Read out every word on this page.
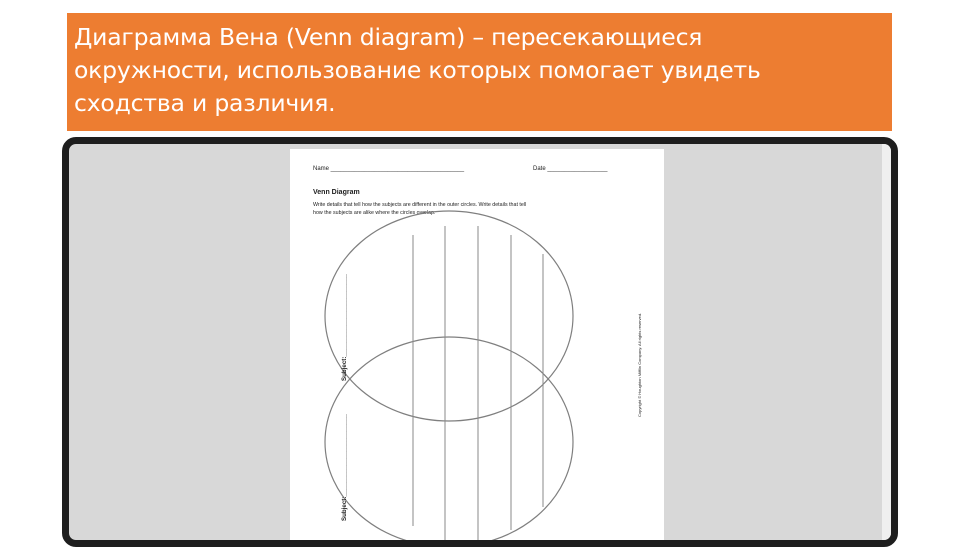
Диаграмма Вена (Venn diagram) – пересекающиеся
окружности, использование которых помогает увидеть
сходства и различия.

Name ________________________________________	Date __________________
Venn Diagram
Write details that tell how the subjects are different in the outer circles. Write details that tell
how the subjects are alike where the circles overlap.
Subject:________________________
Subject:________________________
Copyright © Houghton Mifflin Company. All rights reserved.
